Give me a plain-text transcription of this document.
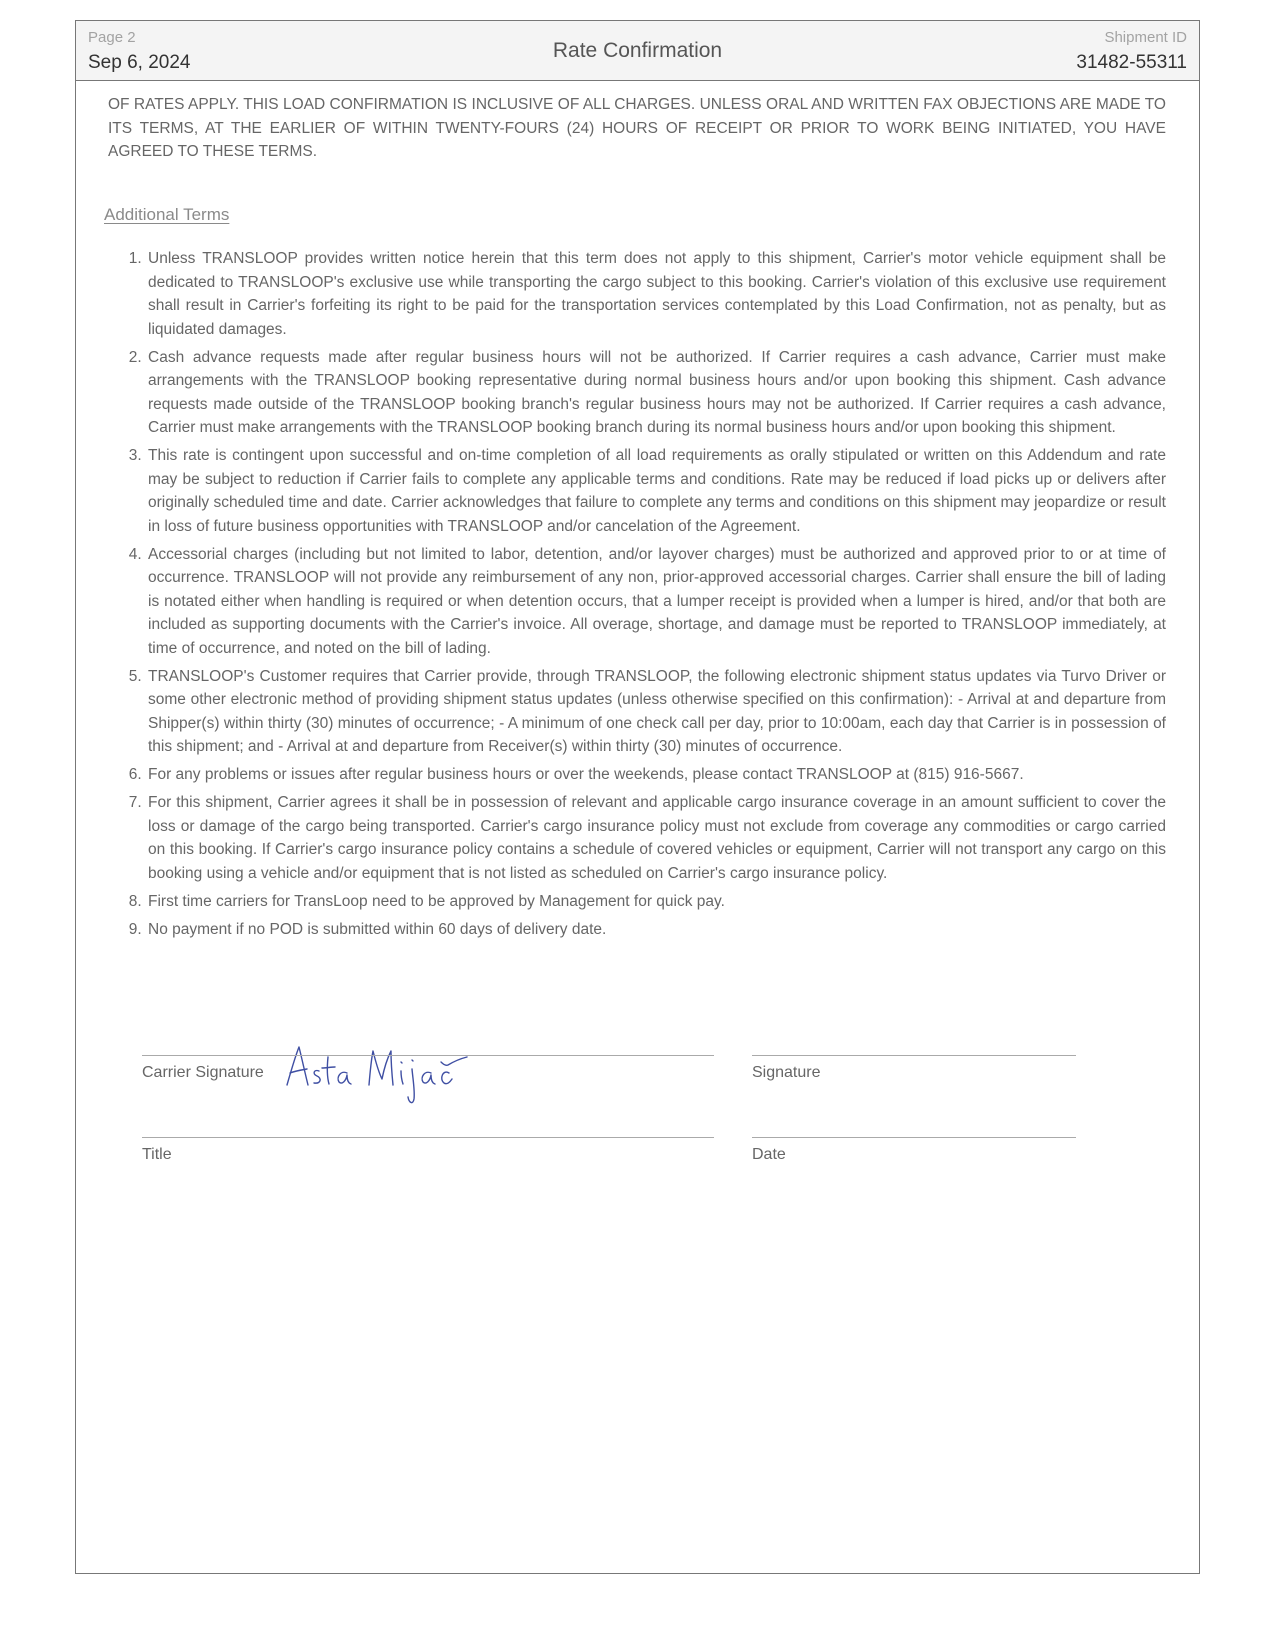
Page 2
Sep 6, 2024
Rate Confirmation
Shipment ID
31482-55311

OF RATES APPLY. THIS LOAD CONFIRMATION IS INCLUSIVE OF ALL CHARGES. UNLESS ORAL AND WRITTEN FAX OBJECTIONS ARE MADE TO ITS TERMS, AT THE EARLIER OF WITHIN TWENTY-FOURS (24) HOURS OF RECEIPT OR PRIOR TO WORK BEING INITIATED, YOU HAVE AGREED TO THESE TERMS.

Additional Terms
1. Unless TRANSLOOP provides written notice herein that this term does not apply to this shipment, Carrier's motor vehicle equipment shall be dedicated to TRANSLOOP's exclusive use while transporting the cargo subject to this booking. Carrier's violation of this exclusive use requirement shall result in Carrier's forfeiting its right to be paid for the transportation services contemplated by this Load Confirmation, not as penalty, but as liquidated damages.
2. Cash advance requests made after regular business hours will not be authorized. If Carrier requires a cash advance, Carrier must make arrangements with the TRANSLOOP booking representative during normal business hours and/or upon booking this shipment. Cash advance requests made outside of the TRANSLOOP booking branch's regular business hours may not be authorized. If Carrier requires a cash advance, Carrier must make arrangements with the TRANSLOOP booking branch during its normal business hours and/or upon booking this shipment.
3. This rate is contingent upon successful and on-time completion of all load requirements as orally stipulated or written on this Addendum and rate may be subject to reduction if Carrier fails to complete any applicable terms and conditions. Rate may be reduced if load picks up or delivers after originally scheduled time and date. Carrier acknowledges that failure to complete any terms and conditions on this shipment may jeopardize or result in loss of future business opportunities with TRANSLOOP and/or cancelation of the Agreement.
4. Accessorial charges (including but not limited to labor, detention, and/or layover charges) must be authorized and approved prior to or at time of occurrence. TRANSLOOP will not provide any reimbursement of any non, prior-approved accessorial charges. Carrier shall ensure the bill of lading is notated either when handling is required or when detention occurs, that a lumper receipt is provided when a lumper is hired, and/or that both are included as supporting documents with the Carrier's invoice. All overage, shortage, and damage must be reported to TRANSLOOP immediately, at time of occurrence, and noted on the bill of lading.
5. TRANSLOOP's Customer requires that Carrier provide, through TRANSLOOP, the following electronic shipment status updates via Turvo Driver or some other electronic method of providing shipment status updates (unless otherwise specified on this confirmation): - Arrival at and departure from Shipper(s) within thirty (30) minutes of occurrence; - A minimum of one check call per day, prior to 10:00am, each day that Carrier is in possession of this shipment; and - Arrival at and departure from Receiver(s) within thirty (30) minutes of occurrence.
6. For any problems or issues after regular business hours or over the weekends, please contact TRANSLOOP at (815) 916-5667.
7. For this shipment, Carrier agrees it shall be in possession of relevant and applicable cargo insurance coverage in an amount sufficient to cover the loss or damage of the cargo being transported. Carrier's cargo insurance policy must not exclude from coverage any commodities or cargo carried on this booking. If Carrier's cargo insurance policy contains a schedule of covered vehicles or equipment, Carrier will not transport any cargo on this booking using a vehicle and/or equipment that is not listed as scheduled on Carrier's cargo insurance policy.
8. First time carriers for TransLoop need to be approved by Management for quick pay.
9. No payment if no POD is submitted within 60 days of delivery date.
Carrier Signature	Signature
Title	Date
